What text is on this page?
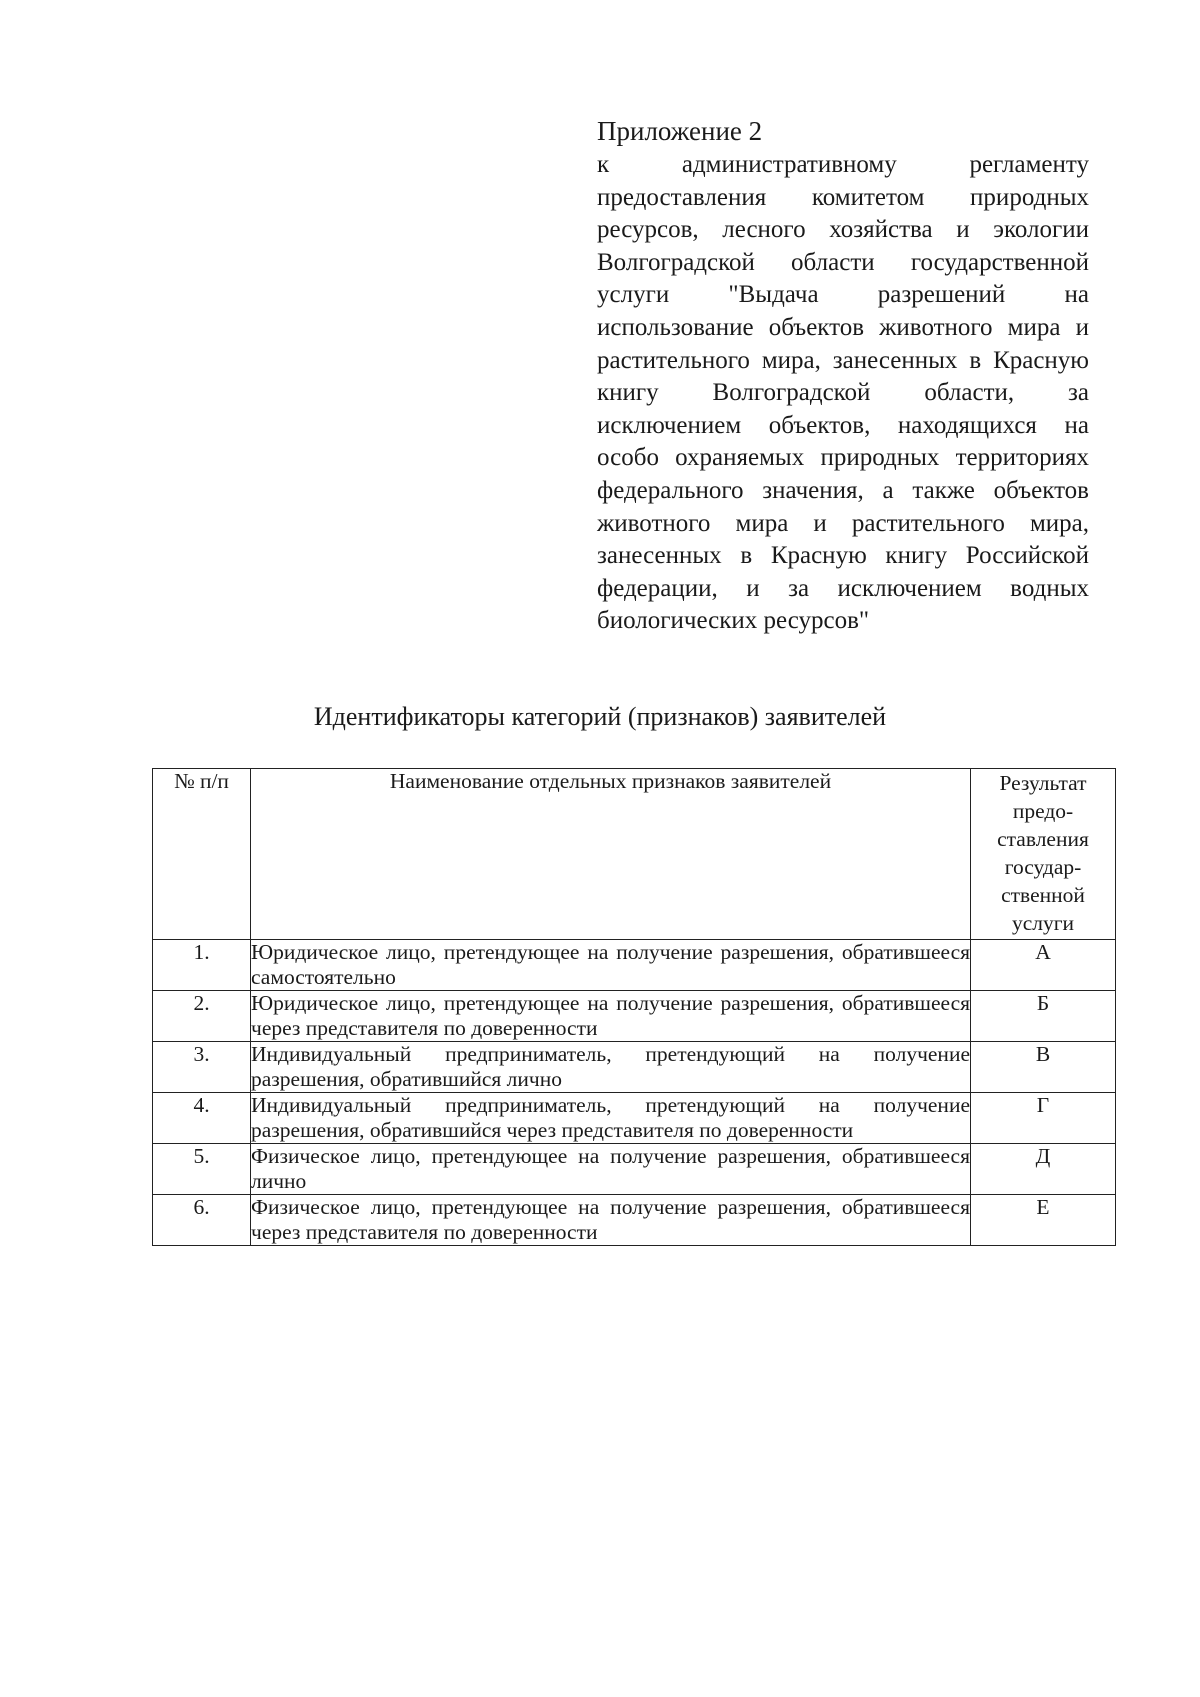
Приложение 2
к административному регламенту предоставления комитетом природных ресурсов, лесного хозяйства и экологии Волгоградской области государственной услуги "Выдача разрешений на использование объектов животного мира и растительного мира, занесенных в Красную книгу Волгоградской области, за исключением объектов, находящихся на особо охраняемых природных территориях федерального значения, а также объектов животного мира и растительного мира, занесенных в Красную книгу Российской федерации, и за исключением водных биологических ресурсов"
Идентификаторы категорий (признаков) заявителей
№ п/п	Наименование отдельных признаков заявителей	Результат предо-ставления государ-ственной услуги
1.	Юридическое лицо, претендующее на получение разрешения, обратившееся самостоятельно	А
2.	Юридическое лицо, претендующее на получение разрешения, обратившееся через представителя по доверенности	Б
3.	Индивидуальный предприниматель, претендующий на получение разрешения, обратившийся лично	В
4.	Индивидуальный предприниматель, претендующий на получение разрешения, обратившийся через представителя по доверенности	Г
5.	Физическое лицо, претендующее на получение разрешения, обратившееся лично	Д
6.	Физическое лицо, претендующее на получение разрешения, обратившееся через представителя по доверенности	Е
